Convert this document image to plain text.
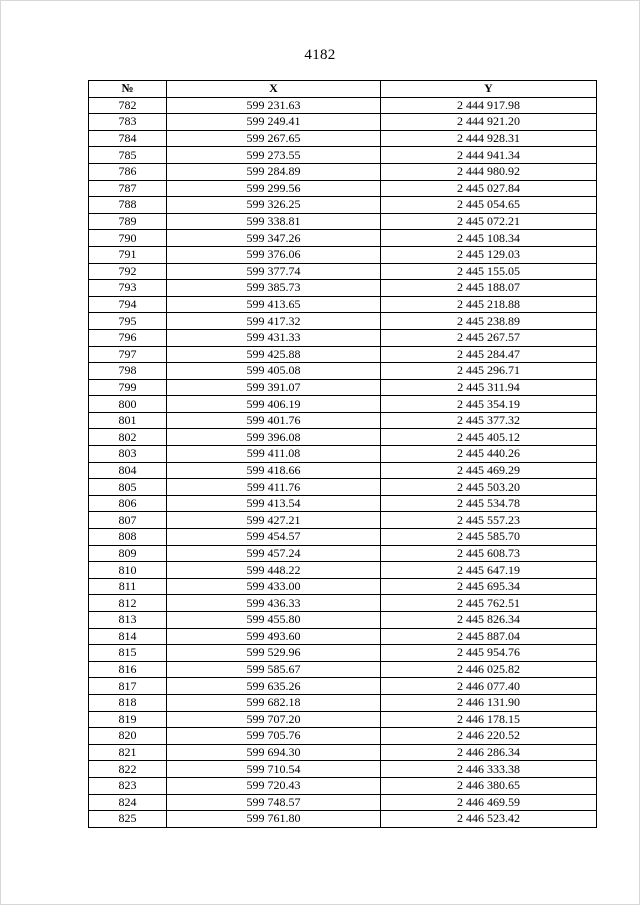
4182
№	X	Y
782	599 231.63	2 444 917.98
783	599 249.41	2 444 921.20
784	599 267.65	2 444 928.31
785	599 273.55	2 444 941.34
786	599 284.89	2 444 980.92
787	599 299.56	2 445 027.84
788	599 326.25	2 445 054.65
789	599 338.81	2 445 072.21
790	599 347.26	2 445 108.34
791	599 376.06	2 445 129.03
792	599 377.74	2 445 155.05
793	599 385.73	2 445 188.07
794	599 413.65	2 445 218.88
795	599 417.32	2 445 238.89
796	599 431.33	2 445 267.57
797	599 425.88	2 445 284.47
798	599 405.08	2 445 296.71
799	599 391.07	2 445 311.94
800	599 406.19	2 445 354.19
801	599 401.76	2 445 377.32
802	599 396.08	2 445 405.12
803	599 411.08	2 445 440.26
804	599 418.66	2 445 469.29
805	599 411.76	2 445 503.20
806	599 413.54	2 445 534.78
807	599 427.21	2 445 557.23
808	599 454.57	2 445 585.70
809	599 457.24	2 445 608.73
810	599 448.22	2 445 647.19
811	599 433.00	2 445 695.34
812	599 436.33	2 445 762.51
813	599 455.80	2 445 826.34
814	599 493.60	2 445 887.04
815	599 529.96	2 445 954.76
816	599 585.67	2 446 025.82
817	599 635.26	2 446 077.40
818	599 682.18	2 446 131.90
819	599 707.20	2 446 178.15
820	599 705.76	2 446 220.52
821	599 694.30	2 446 286.34
822	599 710.54	2 446 333.38
823	599 720.43	2 446 380.65
824	599 748.57	2 446 469.59
825	599 761.80	2 446 523.42
